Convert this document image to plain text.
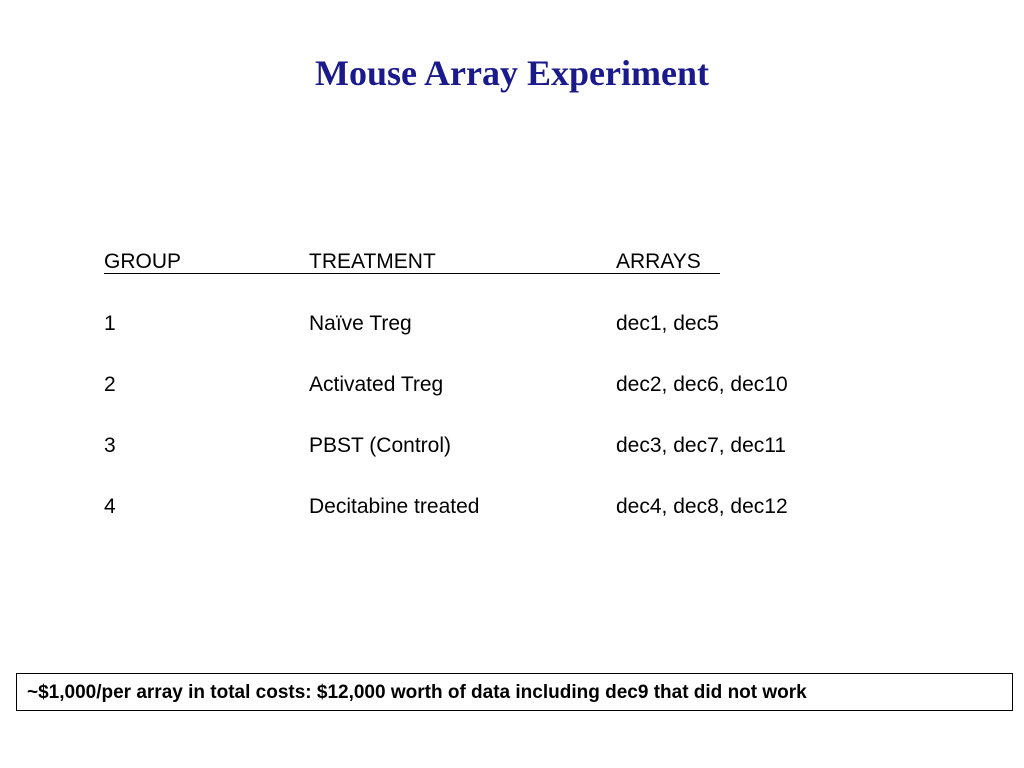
Mouse Array Experiment
GROUP	TREATMENT	ARRAYS
1	Naïve Treg	dec1, dec5
2	Activated Treg	dec2, dec6, dec10
3	PBST (Control)	dec3, dec7, dec11
4	Decitabine treated	dec4, dec8, dec12
~$1,000/per array in total costs: $12,000 worth of data including dec9 that did not work
